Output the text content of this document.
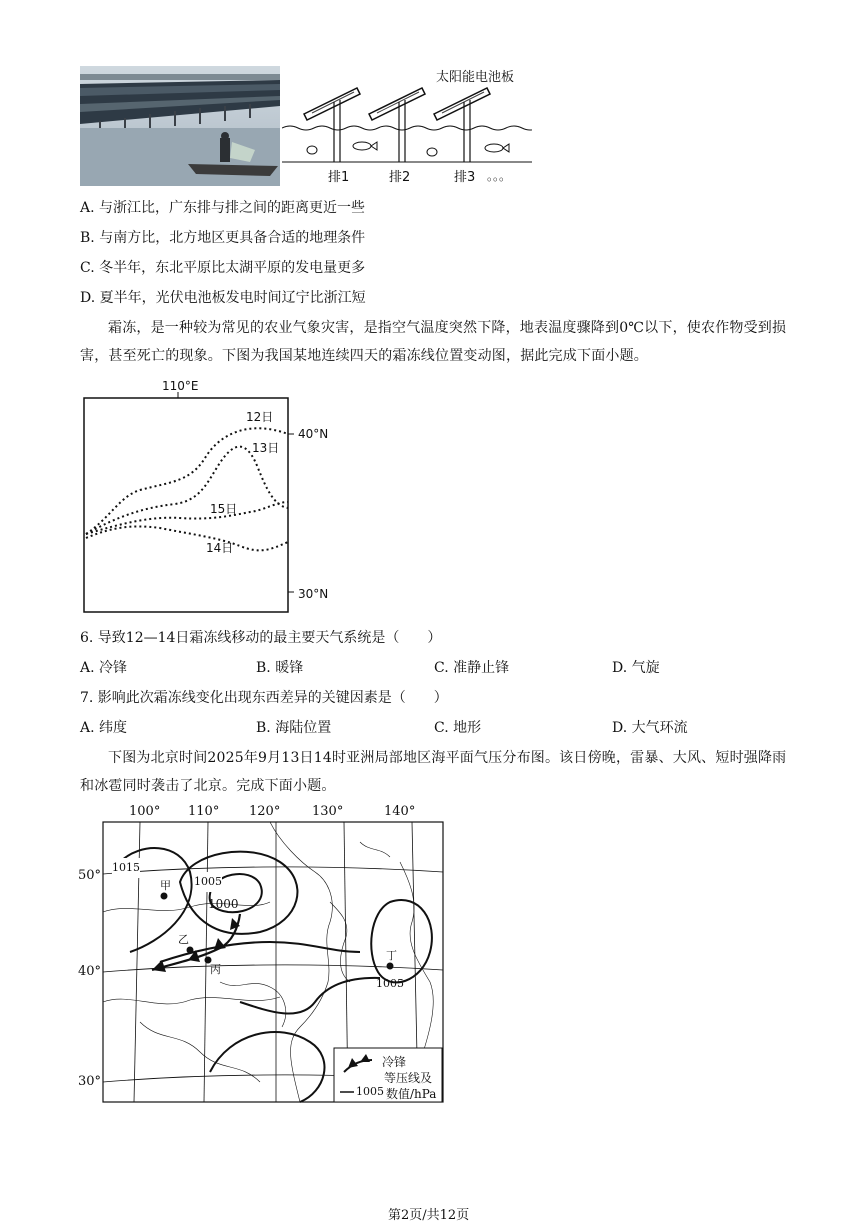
太阳能电池板
排1	排2	排3 。。。
A. 与浙江比，广东排与排之间的距离更近一些
B. 与南方比，北方地区更具备合适的地理条件
C. 冬半年，东北平原比太湖平原的发电量更多
D. 夏半年，光伏电池板发电时间辽宁比浙江短
霜冻，是一种较为常见的农业气象灾害，是指空气温度突然下降，地表温度骤降到0℃以下，使农作物受到损害，甚至死亡的现象。下图为我国某地连续四天的霜冻线位置变动图，据此完成下面小题。
110°E
40°N
30°N
12日
13日
15日
14日
6. 导致12—14日霜冻线移动的最主要天气系统是（　　）
A. 冷锋	B. 暖锋	C. 准静止锋	D. 气旋
7. 影响此次霜冻线变化出现东西差异的关键因素是（　　）
A. 纬度	B. 海陆位置	C. 地形	D. 大气环流
下图为北京时间2025年9月13日14时亚洲局部地区海平面气压分布图。该日傍晚，雷暴、大风、短时强降雨和冰雹同时袭击了北京。完成下面小题。
100° 110° 120° 130°	140°
50°
40°
30°
1015
1005
1000
1005
甲
乙
丙
丁
冷锋
等压线及
1005 数值/hPa
第2页/共12页
